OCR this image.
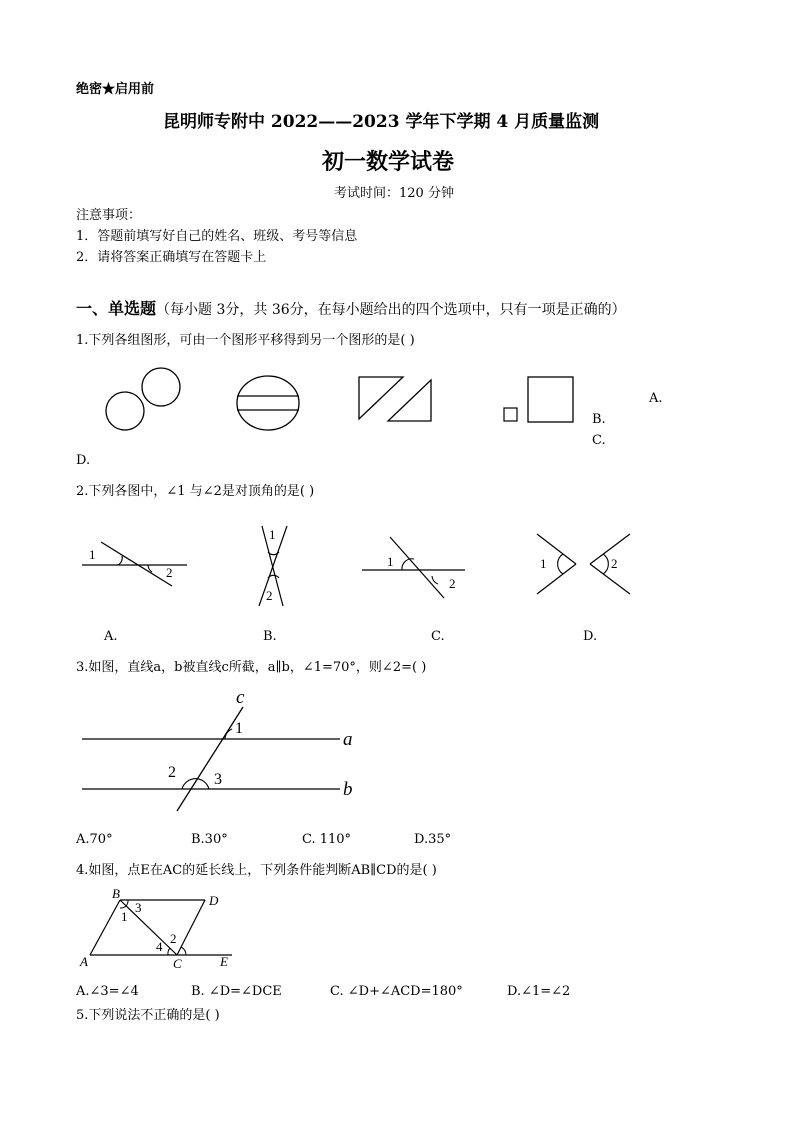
绝密★启用前
昆明师专附中 2022——2023 学年下学期 4 月质量监测
初一数学试卷
考试时间：120 分钟
注意事项：
1．答题前填写好自己的姓名、班级、考号等信息
2．请将答案正确填写在答题卡上
一、单选题（每小题 3分，共 36分，在每小题给出的四个选项中，只有一项是正确的）
1.下列各组图形，可由一个图形平移得到另一个图形的是( )
A.
B.
C.
D.
2.下列各图中，∠1 与∠2是对顶角的是( )
1
2
1
2
1
2
1	2
A.	B.	C.	D.
3.如图，直线a，b被直线c所截，a∥b，∠1=70°，则∠2=( )
c
a
b
1
2 3
A.70°	B.30°	C. 110°	D.35°
4.如图，点E在AC的延长线上，下列条件能判断AB∥CD的是( )
A
B
C
D
E
1
2
3
4
A.∠3=∠4	B. ∠D=∠DCE	C. ∠D+∠ACD=180°	D.∠1=∠2
5.下列说法不正确的是( )
